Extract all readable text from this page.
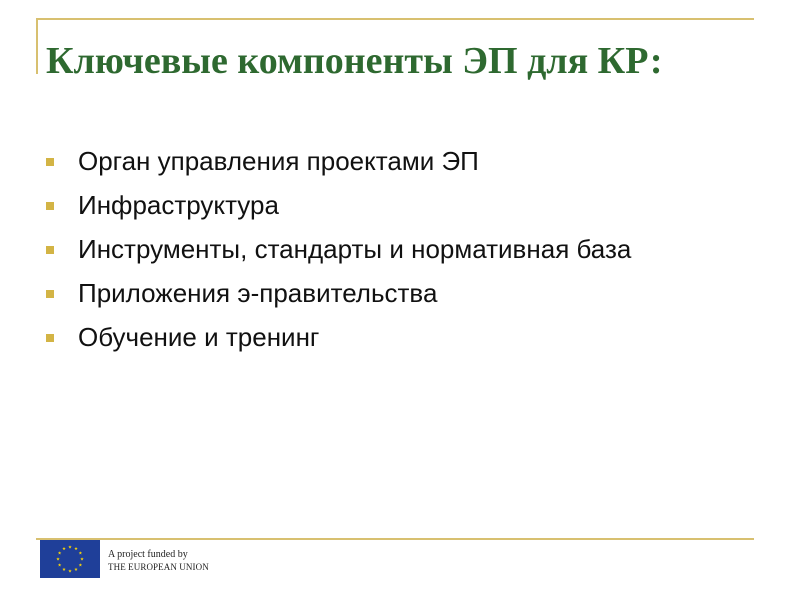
Ключевые компоненты ЭП для КР:
Орган управления проектами ЭП
Инфраструктура
Инструменты, стандарты и нормативная база
Приложения э-правительства
Обучение и тренинг
A project funded by
THE EUROPEAN UNION
